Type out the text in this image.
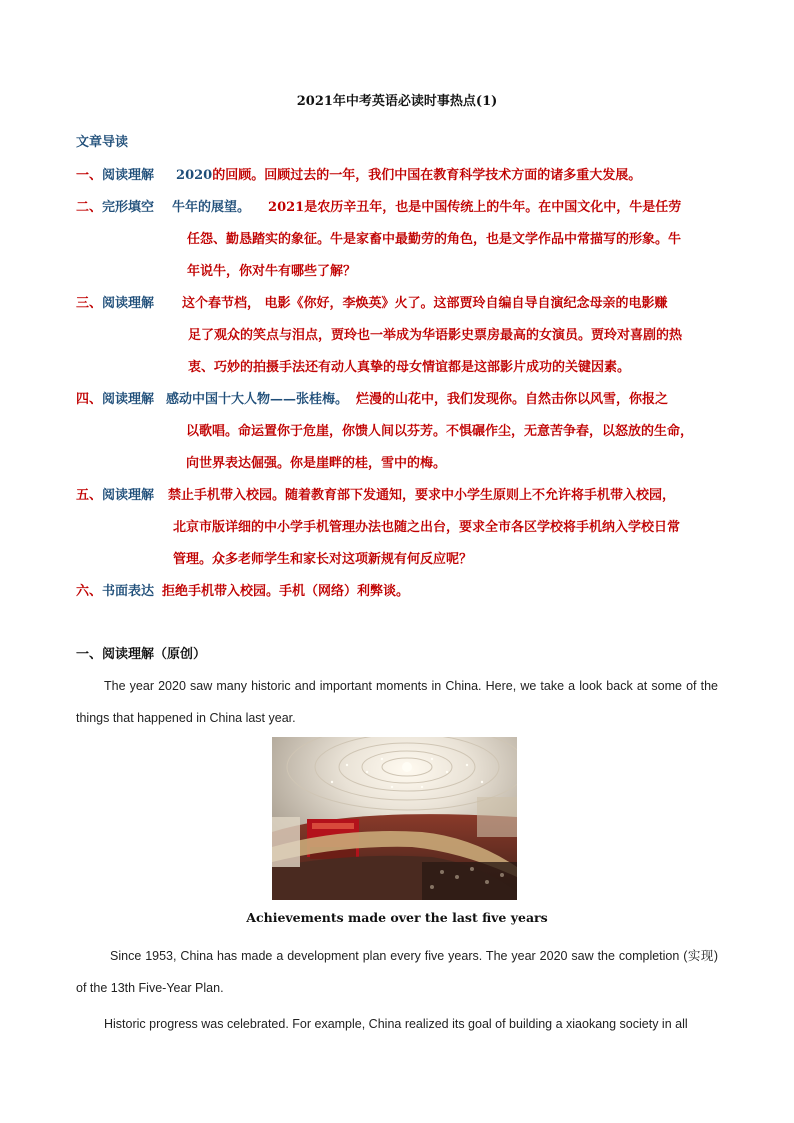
2021年中考英语必读时事热点(1)
文章导读
一、阅读理解 2020的回顾。回顾过去的一年，我们中国在教育科学技术方面的诸多重大发展。
二、完形填空 牛年的展望。 2021是农历辛丑年，也是中国传统上的牛年。在中国文化中，牛是任劳
任怨、勤恳踏实的象征。牛是家畜中最勤劳的角色，也是文学作品中常描写的形象。牛
年说牛，你对牛有哪些了解？
三、阅读理解 这个春节档， 电影《你好，李焕英》火了。这部贾玲自编自导自演纪念母亲的电影赚
足了观众的笑点与泪点，贾玲也一举成为华语影史票房最高的女演员。贾玲对喜剧的热
衷、巧妙的拍摄手法还有动人真挚的母女情谊都是这部影片成功的关键因素。
四、阅读理解 感动中国十大人物——张桂梅。 烂漫的山花中，我们发现你。自然击你以风雪，你报之
以歌唱。命运置你于危崖，你馈人间以芬芳。不惧碾作尘，无意苦争春，以怒放的生命，
向世界表达倔强。你是崖畔的桂，雪中的梅。
五、阅读理解 禁止手机带入校园。随着教育部下发通知，要求中小学生原则上不允许将手机带入校园，
北京市版详细的中小学手机管理办法也随之出台，要求全市各区学校将手机纳入学校日常
管理。众多老师学生和家长对这项新规有何反应呢？
六、书面表达 拒绝手机带入校园。手机（网络）利弊谈。
一、阅读理解（原创）
The year 2020 saw many historic and important moments in China. Here, we take a look back at some of the things that happened in China last year.
Achievements made over the last five years
Since 1953, China has made a development plan every five years. The year 2020 saw the completion (实现) of the 13th Five-Year Plan.
Historic progress was celebrated. For example, China realized its goal of building a xiaokang society in all
